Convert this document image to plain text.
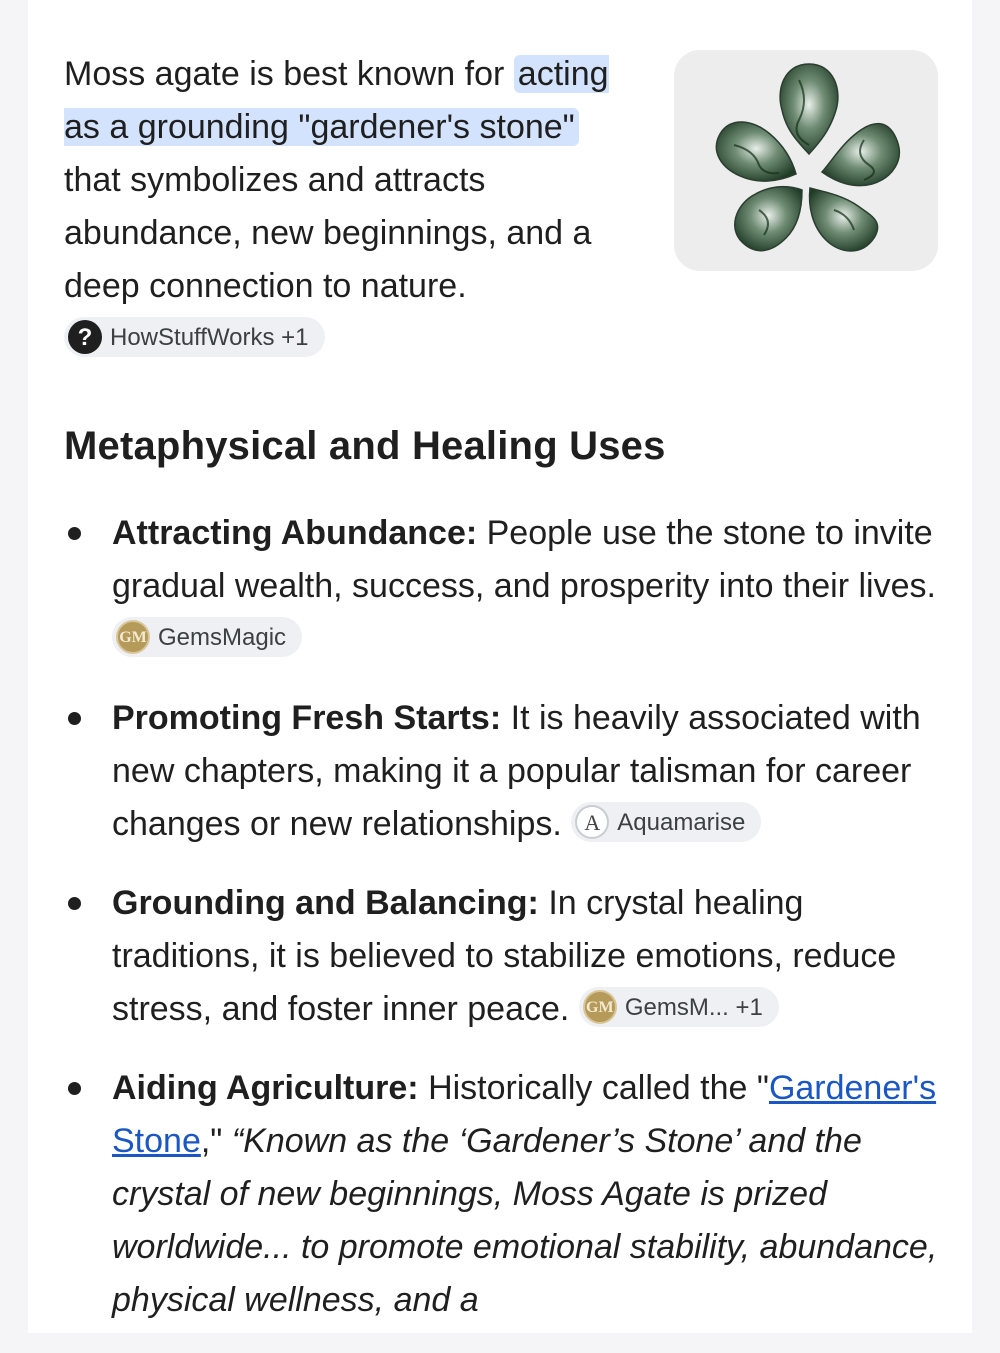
Moss agate is best known for acting as a grounding "gardener's stone" that symbolizes and attracts abundance, new beginnings, and a deep connection to nature.
? HowStuffWorks +1
Metaphysical and Healing Uses
Attracting Abundance: People use the stone to invite gradual wealth, success, and prosperity into their lives.
GM GemsMagic
Promoting Fresh Starts: It is heavily associated with new chapters, making it a popular talisman for career changes or new relationships.	A Aquamarise
Grounding and Balancing: In crystal healing traditions, it is believed to stabilize emotions, reduce stress, and foster inner peace. GM GemsM... +1
Aiding Agriculture: Historically called the "Gardener's Stone," “Known as the ‘Gardener’s Stone’ and the crystal of new beginnings, Moss Agate is prized worldwide... to promote emotional stability, abundance, physical wellness, and a
